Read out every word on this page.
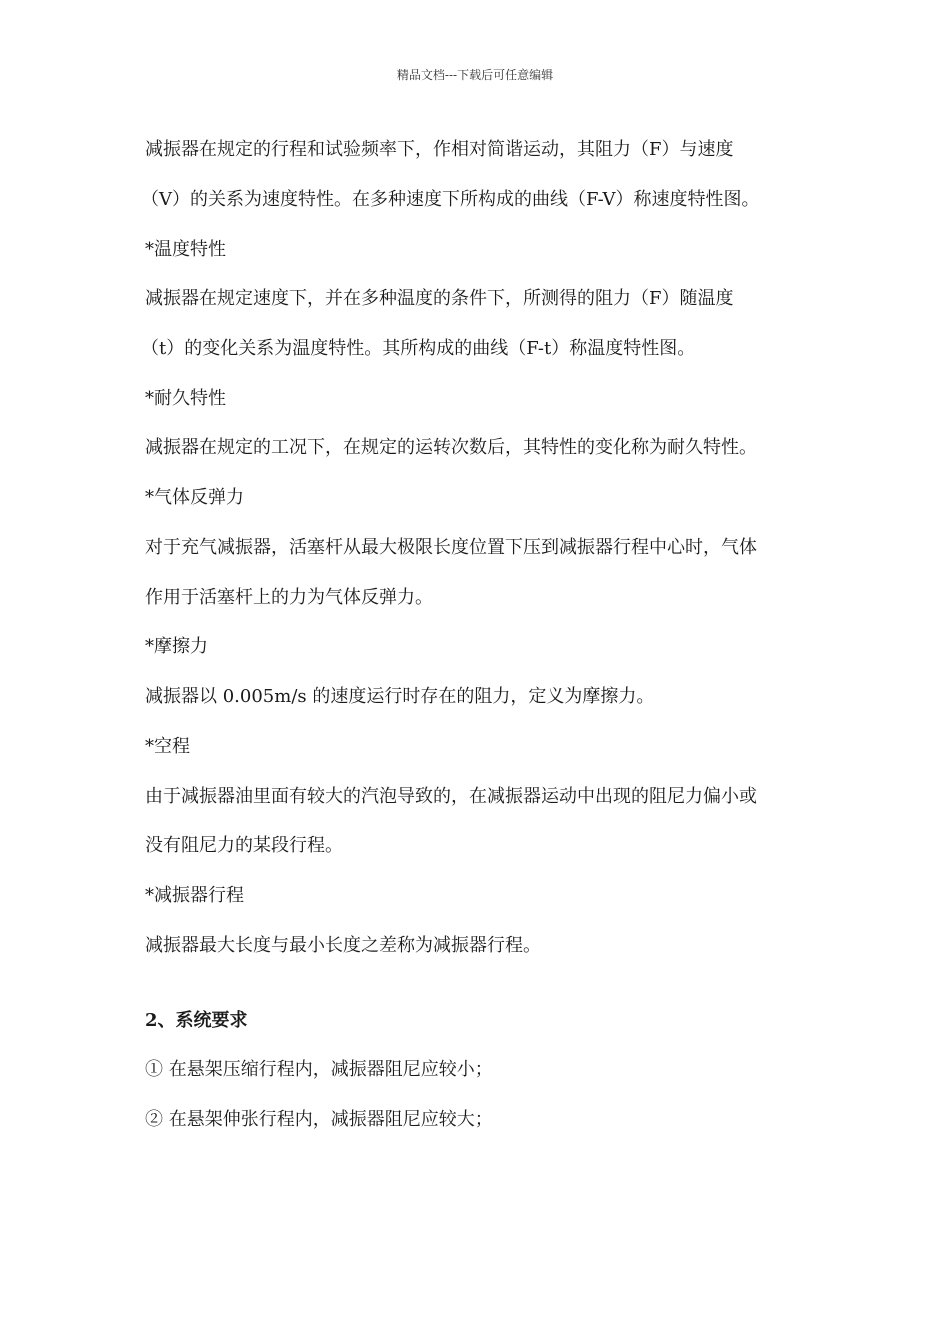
精品文档---下载后可任意编辑
减振器在规定的行程和试验频率下，作相对简谐运动，其阻力（F）与速度
（V）的关系为速度特性。在多种速度下所构成的曲线（F-V）称速度特性图。
*温度特性
减振器在规定速度下，并在多种温度的条件下，所测得的阻力（F）随温度
（t）的变化关系为温度特性。其所构成的曲线（F-t）称温度特性图。
*耐久特性
减振器在规定的工况下，在规定的运转次数后，其特性的变化称为耐久特性。
*气体反弹力
对于充气减振器，活塞杆从最大极限长度位置下压到减振器行程中心时，气体
作用于活塞杆上的力为气体反弹力。
*摩擦力
减振器以 0.005m/s 的速度运行时存在的阻力，定义为摩擦力。
*空程
由于减振器油里面有较大的汽泡导致的，在减振器运动中出现的阻尼力偏小或
没有阻尼力的某段行程。
*减振器行程
减振器最大长度与最小长度之差称为减振器行程。
2、系统要求
① 在悬架压缩行程内，减振器阻尼应较小；
② 在悬架伸张行程内，减振器阻尼应较大；
